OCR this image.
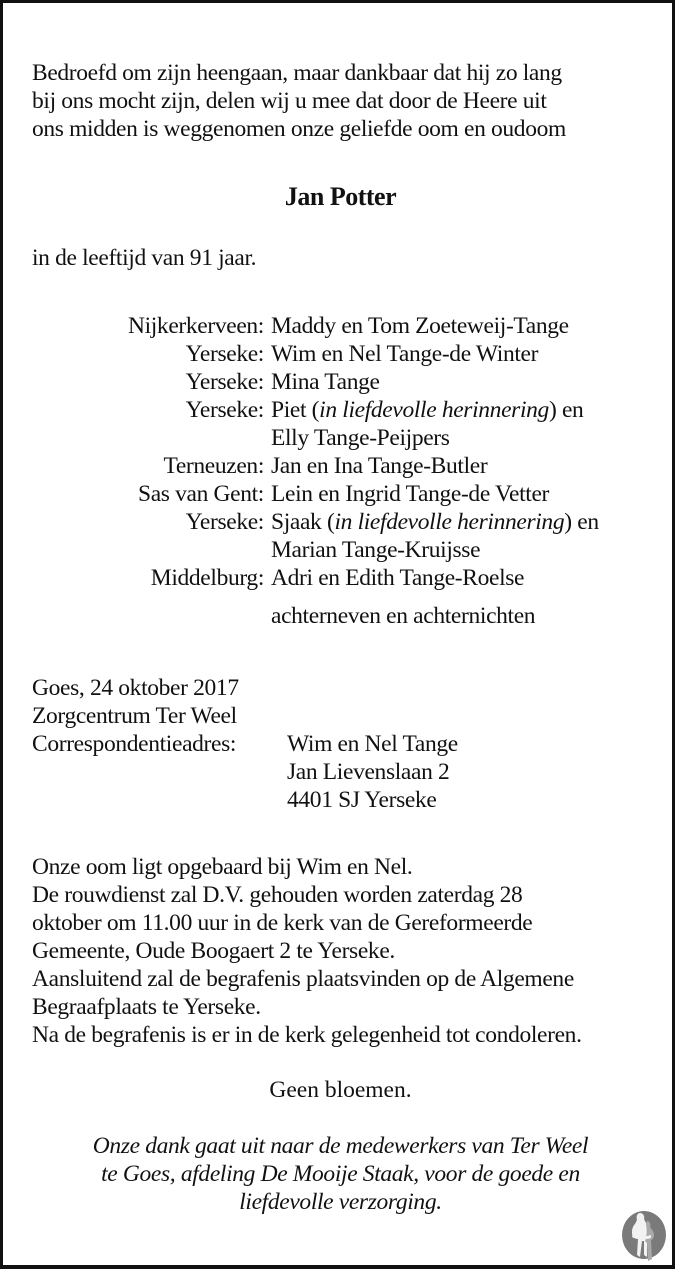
Bedroefd om zijn heengaan, maar dankbaar dat hij zo lang
bij ons mocht zijn, delen wij u mee dat door de Heere uit
ons midden is weggenomen onze geliefde oom en oudoom
Jan Potter
in de leeftijd van 91 jaar.
Nijkerkerveen: Maddy en Tom Zoeteweij-Tange
Yerseke: Wim en Nel Tange-de Winter
Yerseke: Mina Tange
Yerseke: Piet (in liefdevolle herinnering) en
Elly Tange-Peijpers
Terneuzen: Jan en Ina Tange-Butler
Sas van Gent: Lein en Ingrid Tange-de Vetter
Yerseke: Sjaak (in liefdevolle herinnering) en
Marian Tange-Kruijsse
Middelburg: Adri en Edith Tange-Roelse
achterneven en achternichten
Goes, 24 oktober 2017
Zorgcentrum Ter Weel
Correspondentieadres: Wim en Nel Tange
Jan Lievenslaan 2
4401 SJ Yerseke
Onze oom ligt opgebaard bij Wim en Nel.
De rouwdienst zal D.V. gehouden worden zaterdag 28
oktober om 11.00 uur in de kerk van de Gereformeerde
Gemeente, Oude Boogaert 2 te Yerseke.
Aansluitend zal de begrafenis plaatsvinden op de Algemene
Begraafplaats te Yerseke.
Na de begrafenis is er in de kerk gelegenheid tot condoleren.
Geen bloemen.
Onze dank gaat uit naar de medewerkers van Ter Weel
te Goes, afdeling De Mooije Staak, voor de goede en
liefdevolle verzorging.
